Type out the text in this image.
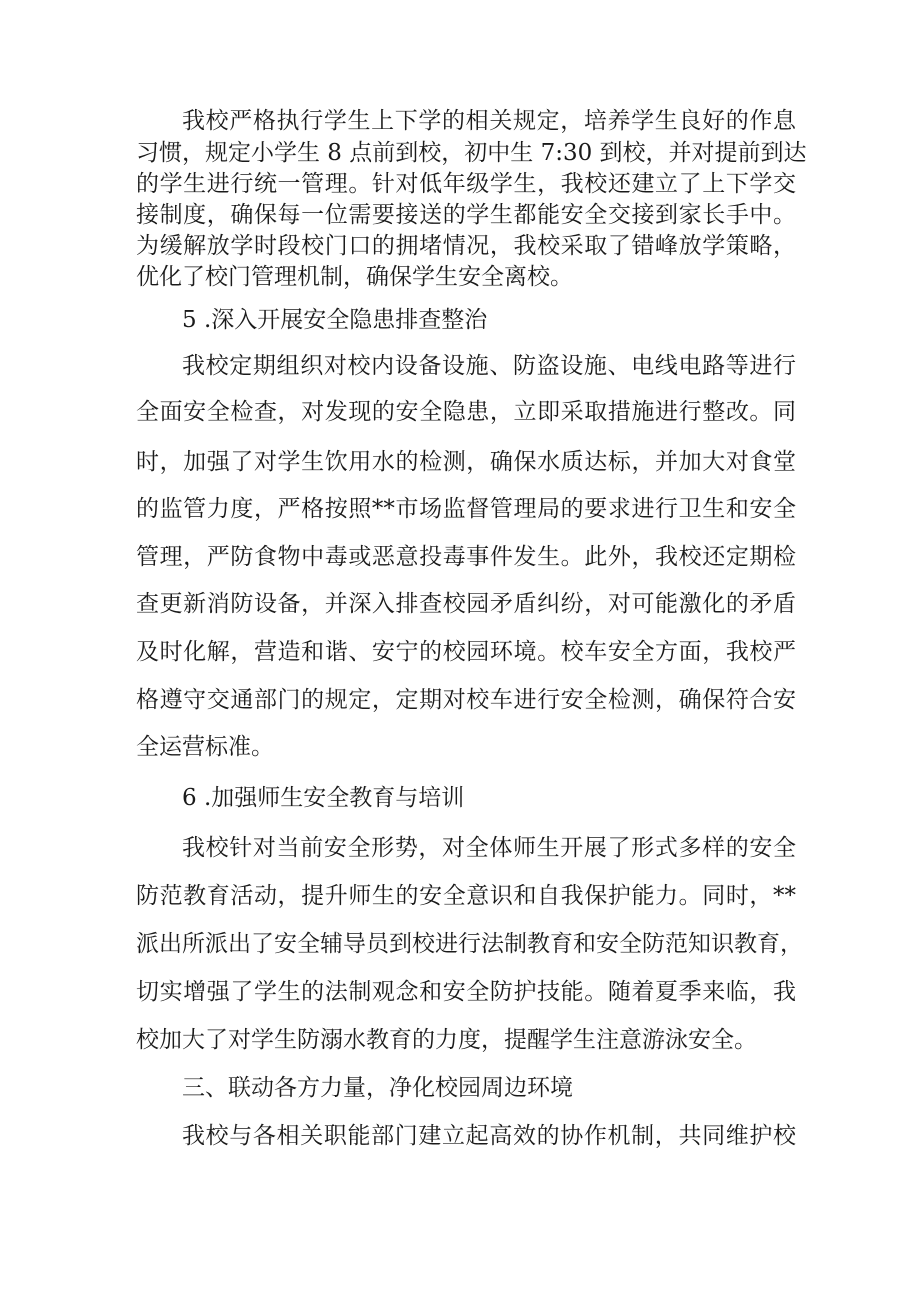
我校严格执行学生上下学的相关规定，培养学生良好的作息

习惯，规定小学生 8 点前到校，初中生 7:30 到校，并对提前到达

的学生进行统一管理。针对低年级学生，我校还建立了上下学交

接制度，确保每一位需要接送的学生都能安全交接到家长手中。

为缓解放学时段校门口的拥堵情况，我校采取了错峰放学策略，

优化了校门管理机制，确保学生安全离校。

5 .深入开展安全隐患排查整治

我校定期组织对校内设备设施、防盗设施、电线电路等进行

全面安全检查，对发现的安全隐患，立即采取措施进行整改。同

时，加强了对学生饮用水的检测，确保水质达标，并加大对食堂

的监管力度，严格按照**市场监督管理局的要求进行卫生和安全

管理，严防食物中毒或恶意投毒事件发生。此外，我校还定期检

查更新消防设备，并深入排查校园矛盾纠纷，对可能激化的矛盾

及时化解，营造和谐、安宁的校园环境。校车安全方面，我校严

格遵守交通部门的规定，定期对校车进行安全检测，确保符合安

全运营标准。

6 .加强师生安全教育与培训

我校针对当前安全形势，对全体师生开展了形式多样的安全

防范教育活动，提升师生的安全意识和自我保护能力。同时，**

派出所派出了安全辅导员到校进行法制教育和安全防范知识教育，

切实增强了学生的法制观念和安全防护技能。随着夏季来临，我

校加大了对学生防溺水教育的力度，提醒学生注意游泳安全。

三、联动各方力量，净化校园周边环境

我校与各相关职能部门建立起高效的协作机制，共同维护校
